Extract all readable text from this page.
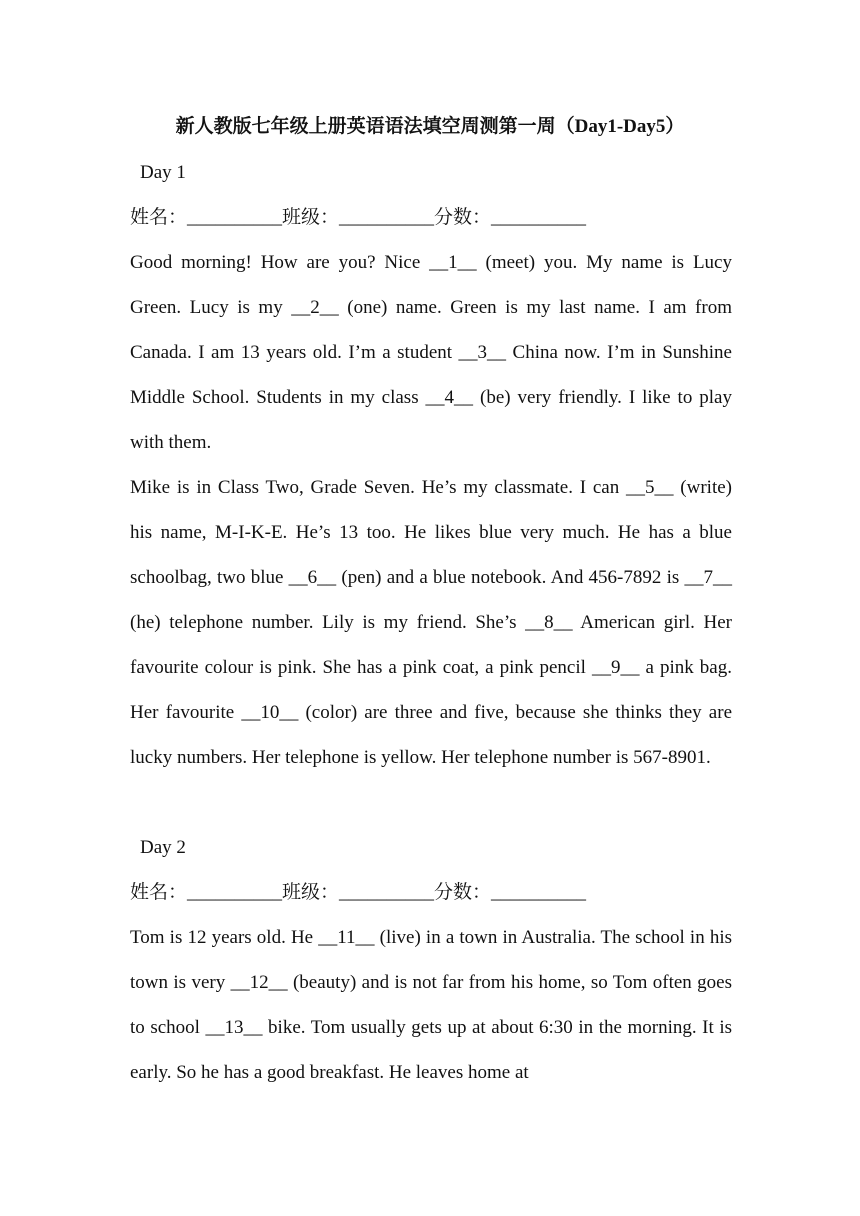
新人教版七年级上册英语语法填空周测第一周（Day1-Day5）
Day 1
姓名：__________班级：__________分数：__________

Good morning! How are you? Nice __1__ (meet) you. My name is Lucy Green. Lucy is my __2__ (one) name. Green is my last name. I am from Canada. I am 13 years old. I’m a student __3__ China now. I’m in Sunshine Middle School. Students in my class __4__ (be) very friendly. I like to play with them.

Mike is in Class Two, Grade Seven. He’s my classmate. I can __5__ (write) his name, M-I-K-E. He’s 13 too. He likes blue very much. He has a blue schoolbag, two blue __6__ (pen) and a blue notebook. And 456-7892 is __7__ (he) telephone number. Lily is my friend. She’s __8__ American girl. Her favourite colour is pink. She has a pink coat, a pink pencil __9__ a pink bag. Her favourite __10__ (color) are three and five, because she thinks they are lucky numbers. Her telephone is yellow. Her telephone number is 567-8901.

Day 2
姓名：__________班级：__________分数：__________

Tom is 12 years old. He __11__ (live) in a town in Australia. The school in his town is very __12__ (beauty) and is not far from his home, so Tom often goes to school __13__ bike. Tom usually gets up at about 6:30 in the morning. It is early. So he has a good breakfast. He leaves home at
